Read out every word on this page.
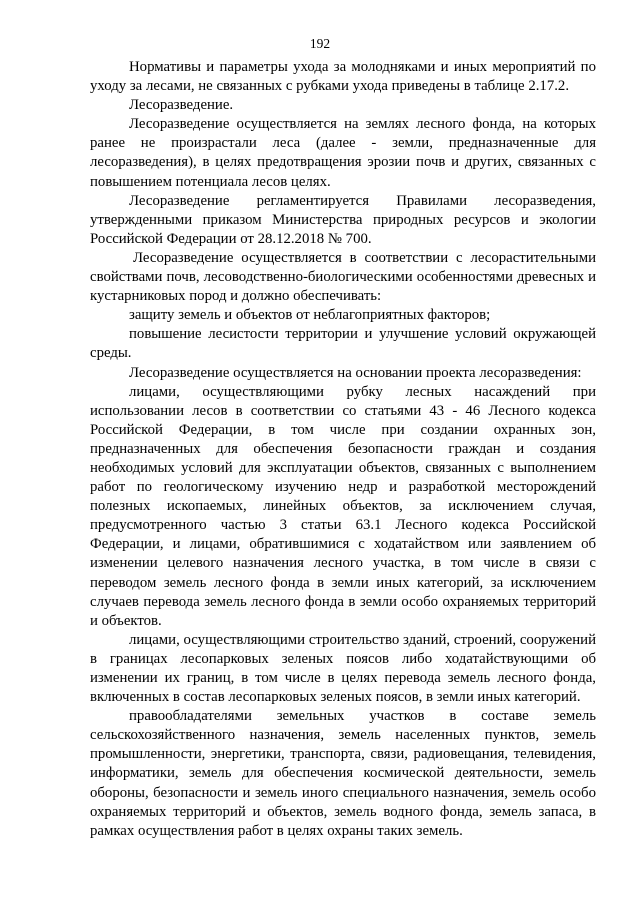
192

Нормативы и параметры ухода за молодняками и иных мероприятий по уходу за лесами, не связанных с рубками ухода приведены в таблице 2.17.2.

Лесоразведение.

Лесоразведение осуществляется на землях лесного фонда, на которых ранее не произрастали леса (далее - земли, предназначенные для лесоразведения), в целях предотвращения эрозии почв и других, связанных с повышением потенциала лесов целях.

Лесоразведение регламентируется Правилами лесоразведения, утвержденными приказом Министерства природных ресурсов и экологии Российской Федерации от 28.12.2018 № 700.

Лесоразведение осуществляется в соответствии с лесорастительными свойствами почв, лесоводственно-биологическими особенностями древесных и кустарниковых пород и должно обеспечивать:

защиту земель и объектов от неблагоприятных факторов;

повышение лесистости территории и улучшение условий окружающей среды.

Лесоразведение осуществляется на основании проекта лесоразведения:

лицами, осуществляющими рубку лесных насаждений при использовании лесов в соответствии со статьями 43 - 46 Лесного кодекса Российской Федерации, в том числе при создании охранных зон, предназначенных для обеспечения безопасности граждан и создания необходимых условий для эксплуатации объектов, связанных с выполнением работ по геологическому изучению недр и разработкой месторождений полезных ископаемых, линейных объектов, за исключением случая, предусмотренного частью 3 статьи 63.1 Лесного кодекса Российской Федерации, и лицами, обратившимися с ходатайством или заявлением об изменении целевого назначения лесного участка, в том числе в связи с переводом земель лесного фонда в земли иных категорий, за исключением случаев перевода земель лесного фонда в земли особо охраняемых территорий и объектов.

лицами, осуществляющими строительство зданий, строений, сооружений в границах лесопарковых зеленых поясов либо ходатайствующими об изменении их границ, в том числе в целях перевода земель лесного фонда, включенных в состав лесопарковых зеленых поясов, в земли иных категорий.

правообладателями земельных участков в составе земель сельскохозяйственного назначения, земель населенных пунктов, земель промышленности, энергетики, транспорта, связи, радиовещания, телевидения, информатики, земель для обеспечения космической деятельности, земель обороны, безопасности и земель иного специального назначения, земель особо охраняемых территорий и объектов, земель водного фонда, земель запаса, в рамках осуществления работ в целях охраны таких земель.
